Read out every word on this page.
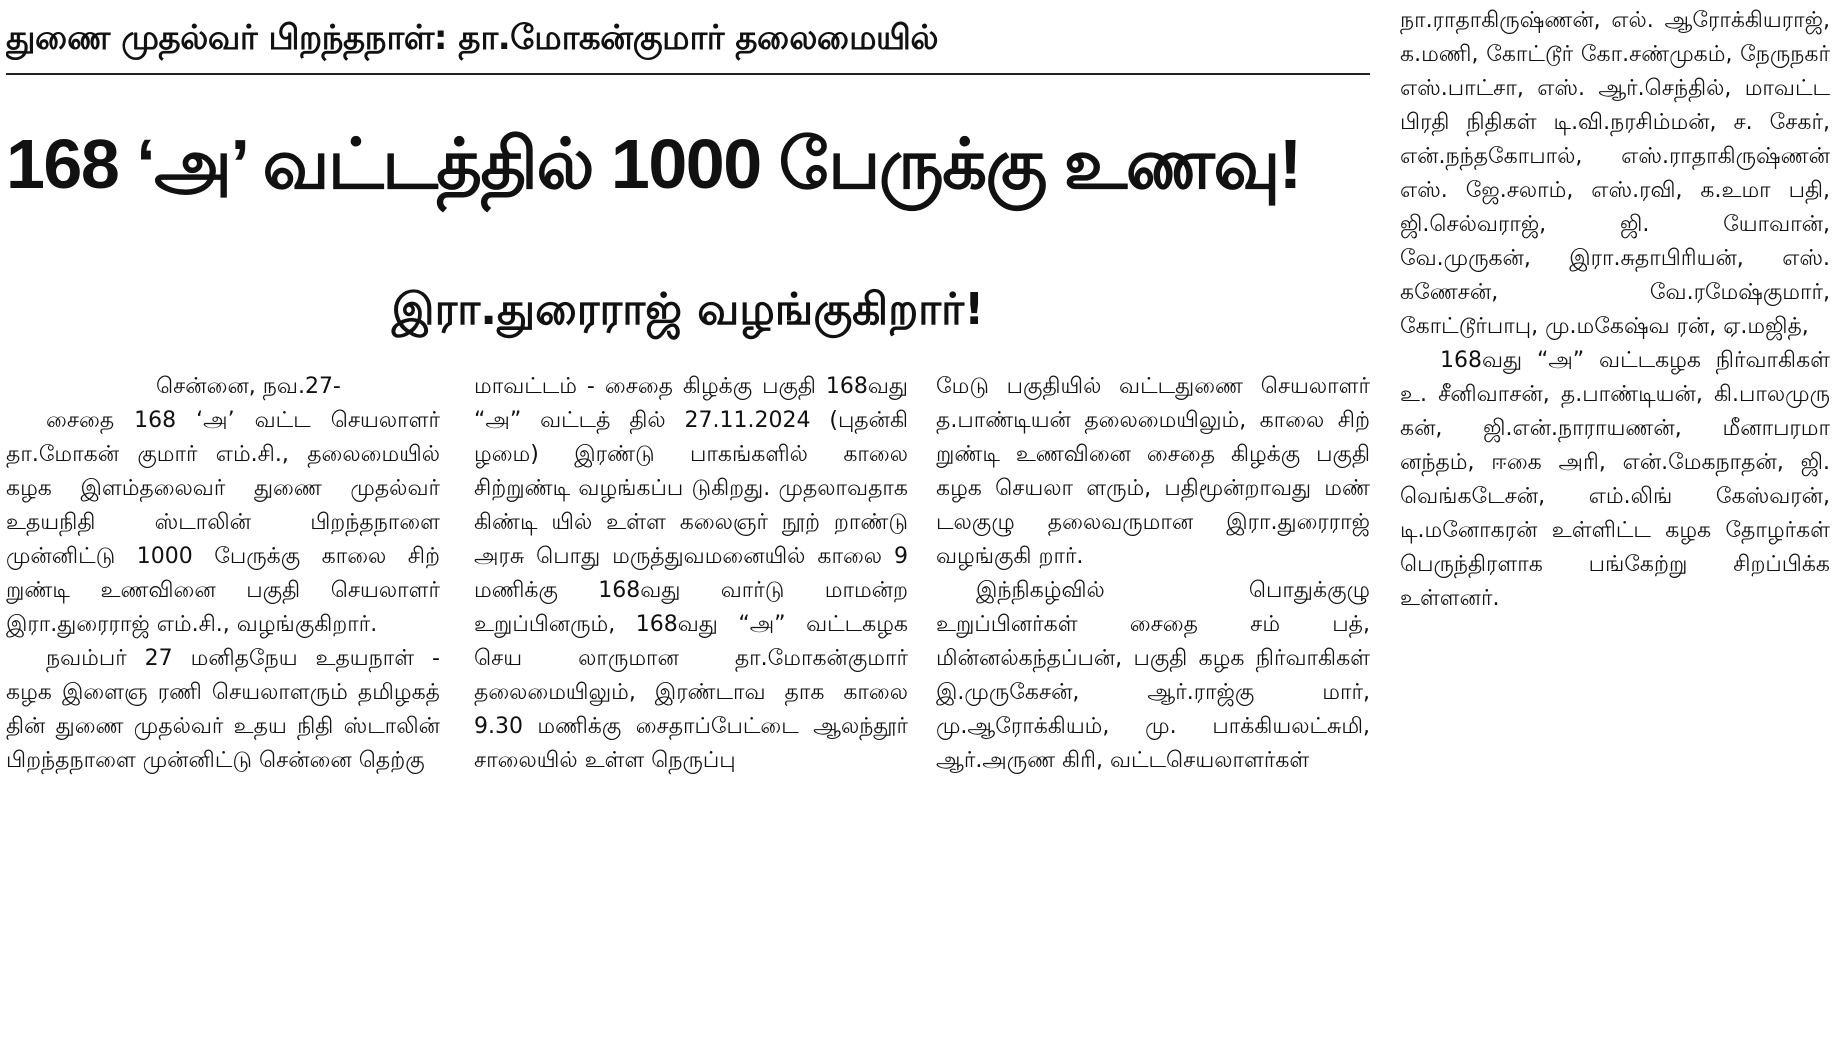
துணை முதல்வர் பிறந்தநாள்: தா.மோகன்குமார் தலைமையில்
168 ‘அ’ வட்டத்தில் 1000 பேருக்கு உணவு!
இரா.துரைராஜ் வழங்குகிறார்!

சென்னை, நவ.27-

சைதை 168 ‘அ’ வட்ட செயலாளர் தா.மோகன் குமார் எம்.சி., தலைமையில் கழக இளம்தலைவர் துணை முதல்வர் உதயநிதி ஸ்டாலின் பிறந்தநாளை முன்னிட்டு 1000 பேருக்கு காலை சிற் றுண்டி உணவினை பகுதி செயலாளர் இரா.துரைராஜ் எம்.சி., வழங்குகிறார்.

நவம்பர் 27 மனிதநேய உதயநாள் - கழக இளைஞ ரணி செயலாளரும் தமிழகத் தின் துணை முதல்வர் உதய நிதி ஸ்டாலின் பிறந்தநாளை முன்னிட்டு சென்னை தெற்கு

மாவட்டம் - சைதை கிழக்கு பகுதி 168வது “அ” வட்டத் தில் 27.11.2024 (புதன்கி ழமை) இரண்டு பாகங்களில் காலை சிற்றுண்டி வழங்கப்ப டுகிறது. முதலாவதாக கிண்டி யில் உள்ள கலைஞர் நூற் றாண்டு அரசு பொது மருத்துவமனையில் காலை 9 மணிக்கு 168வது வார்டு மாமன்ற உறுப்பினரும், 168வது “அ” வட்டகழக செய லாருமான தா.மோகன்குமார் தலைமையிலும், இரண்டாவ தாக காலை 9.30 மணிக்கு சைதாப்பேட்டை ஆலந்தூர் சாலையில் உள்ள நெருப்பு

மேடு பகுதியில் வட்டதுணை செயலாளர் த.பாண்டியன் தலைமையிலும், காலை சிற் றுண்டி உணவினை சைதை கிழக்கு பகுதி கழக செயலா ளரும், பதிமூன்றாவது மண் டலகுழு தலைவருமான இரா.துரைராஜ் வழங்குகி றார்.

இந்நிகழ்வில் பொதுக்குழு உறுப்பினர்கள் சைதை சம் பத், மின்னல்கந்தப்பன், பகுதி கழக நிர்வாகிகள் இ.முருகேசன், ஆர்.ராஜ்கு மார், மு.ஆரோக்கியம், மு. பாக்கியலட்சுமி, ஆர்.அருண கிரி, வட்டசெயலாளர்கள்

நா.ராதாகிருஷ்ணன், எல். ஆரோக்கியராஜ், க.மணி, கோட்டூர் கோ.சண்முகம், நேருநகர் எஸ்.பாட்சா, எஸ். ஆர்.செந்தில், மாவட்ட பிரதி நிதிகள் டி.வி.நரசிம்மன், ச. சேகர், என்.நந்தகோபால், எஸ்.ராதாகிருஷ்ணன் எஸ். ஜே.சலாம், எஸ்.ரவி, க.உமா பதி, ஜி.செல்வராஜ், ஜி. யோவான், வே.முருகன், இரா.சுதாபிரியன், எஸ். கணேசன், வே.ரமேஷ்குமார், கோட்டூர்பாபு, மு.மகேஷ்வ ரன், ஏ.மஜித்,

168வது “அ” வட்டகழக நிர்வாகிகள் உ. சீனிவாசன், த.பாண்டியன், கி.பாலமுரு கன், ஜி.என்.நாராயணன், மீனாபரமா னந்தம், ஈகை அரி, என்.மேகநாதன், ஜி. வெங்கடேசன், எம்.லிங் கேஸ்வரன், டி.மனோகரன் உள்ளிட்ட கழக தோழர்கள் பெருந்திரளாக பங்கேற்று சிறப்பிக்க உள்ளனர்.
